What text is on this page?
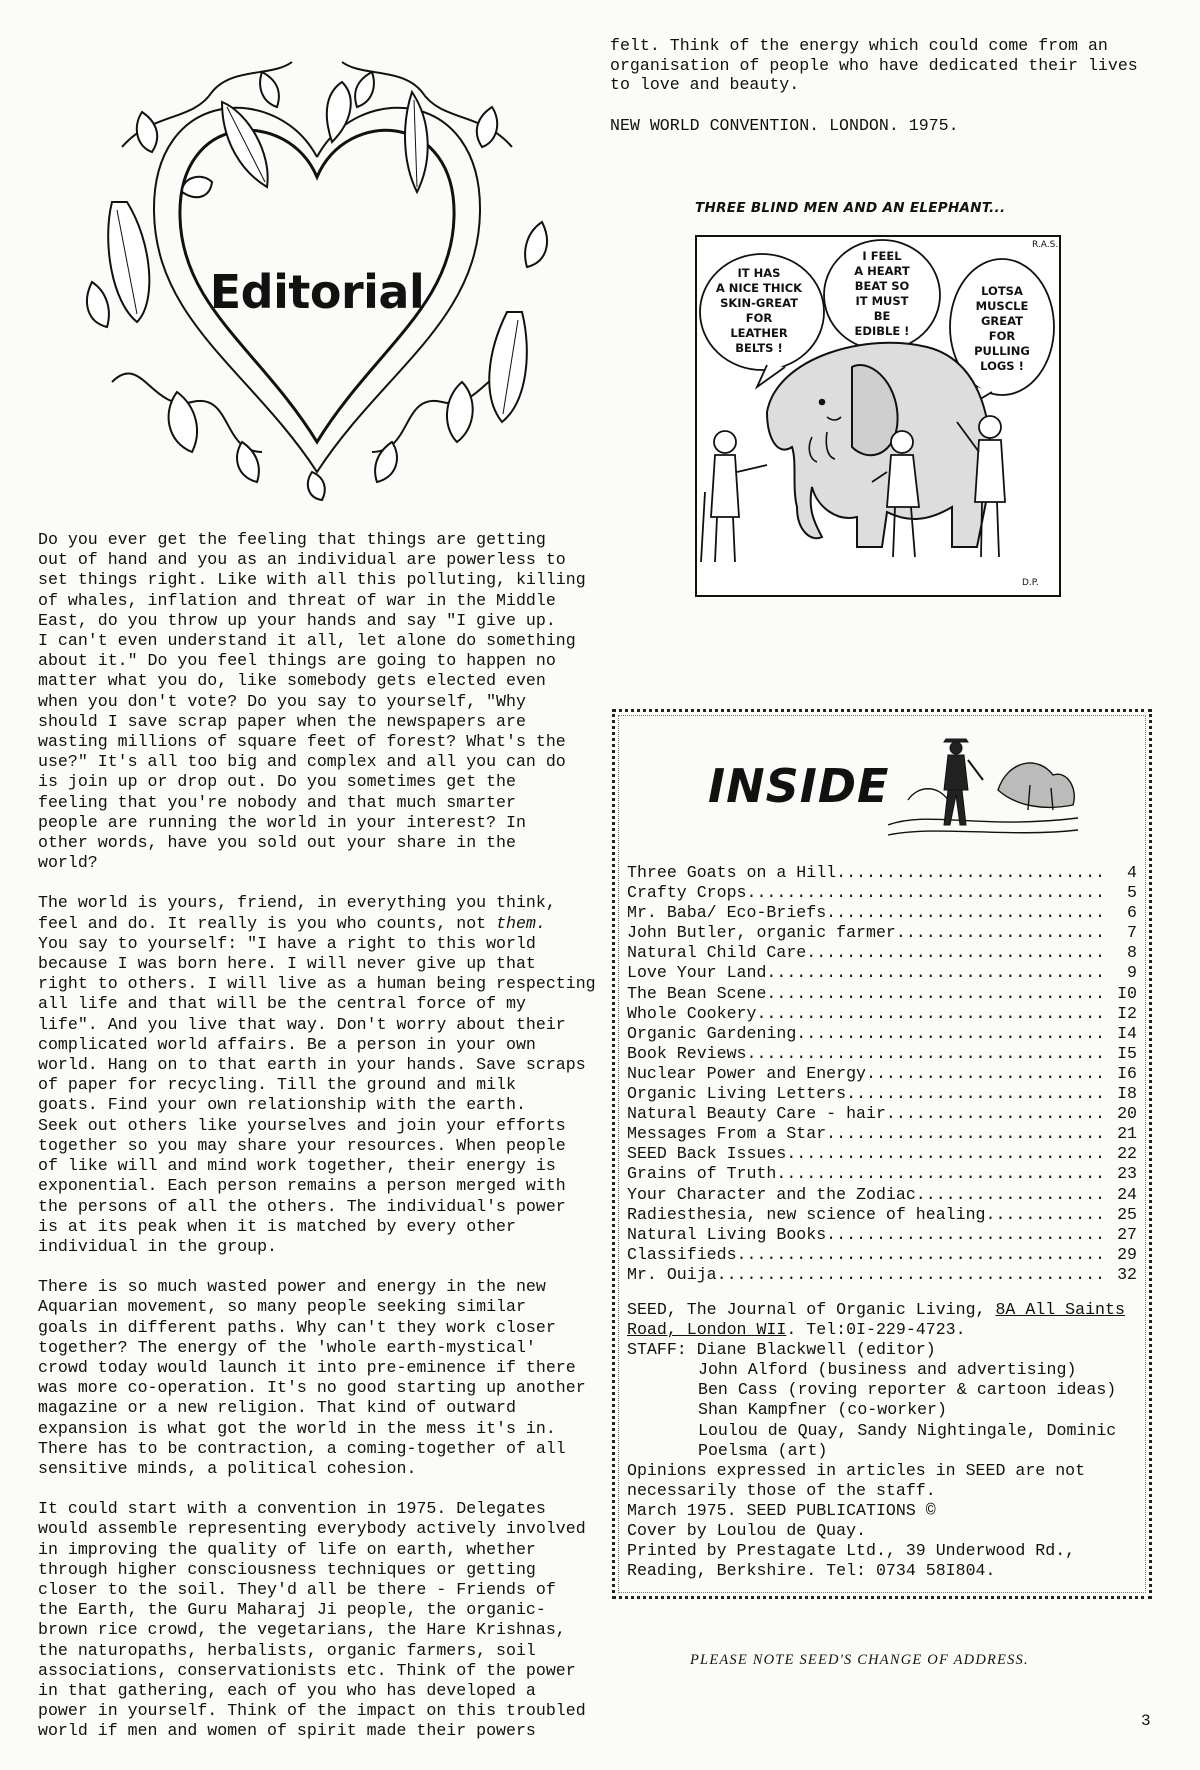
Editorial

Do you ever get the feeling that things are getting
out of hand and you as an individual are powerless to
set things right. Like with all this polluting, killing
of whales, inflation and threat of war in the Middle
East, do you throw up your hands and say "I give up.
I can't even understand it all, let alone do something
about it." Do you feel things are going to happen no
matter what you do, like somebody gets elected even
when you don't vote? Do you say to yourself, "Why
should I save scrap paper when the newspapers are
wasting millions of square feet of forest? What's the
use?" It's all too big and complex and all you can do
is join up or drop out. Do you sometimes get the
feeling that you're nobody and that much smarter
people are running the world in your interest? In
other words, have you sold out your share in the
world?

The world is yours, friend, in everything you think,
feel and do. It really is you who counts, not them.
You say to yourself: "I have a right to this world
because I was born here. I will never give up that
right to others. I will live as a human being respecting
all life and that will be the central force of my
life". And you live that way. Don't worry about their
complicated world affairs. Be a person in your own
world. Hang on to that earth in your hands. Save scraps
of paper for recycling. Till the ground and milk
goats. Find your own relationship with the earth.
Seek out others like yourselves and join your efforts
together so you may share your resources. When people
of like will and mind work together, their energy is
exponential. Each person remains a person merged with
the persons of all the others. The individual's power
is at its peak when it is matched by every other
individual in the group.

There is so much wasted power and energy in the new
Aquarian movement, so many people seeking similar
goals in different paths. Why can't they work closer
together? The energy of the 'whole earth-mystical'
crowd today would launch it into pre-eminence if there
was more co-operation. It's no good starting up another
magazine or a new religion. That kind of outward
expansion is what got the world in the mess it's in.
There has to be contraction, a coming-together of all
sensitive minds, a political cohesion.

It could start with a convention in 1975. Delegates
would assemble representing everybody actively involved
in improving the quality of life on earth, whether
through higher consciousness techniques or getting
closer to the soil. They'd all be there - Friends of
the Earth, the Guru Maharaj Ji people, the organic-
brown rice crowd, the vegetarians, the Hare Krishnas,
the naturopaths, herbalists, organic farmers, soil
associations, conservationists etc. Think of the power
in that gathering, each of you who has developed a
power in yourself. Think of the impact on this troubled
world if men and women of spirit made their powers

felt. Think of the energy which could come from an
organisation of people who have dedicated their lives
to love and beauty.

NEW WORLD CONVENTION. LONDON. 1975.

THREE BLIND MEN AND AN ELEPHANT...
IT HAS
A NICE THICK
SKIN-GREAT
FOR
LEATHER
BELTS !
I FEEL
A HEART
BEAT SO
IT MUST
BE
EDIBLE !
LOTSA
MUSCLE
GREAT
FOR
PULLING
LOGS !
R.A.S.
D.P.
INSIDE
Three Goats on a Hill .....	4
Crafty Crops .....	5
Mr. Baba/ Eco-Briefs .....	6
John Butler, organic farmer .....	7
Natural Child Care .....	8
Love Your Land .....	9
The Bean Scene .....	I0
Whole Cookery .....	I2
Organic Gardening .....	I4
Book Reviews .....	I5
Nuclear Power and Energy .....	I6
Organic Living Letters .....	I8
Natural Beauty Care - hair .....	20
Messages From a Star .....	21
SEED Back Issues .....	22
Grains of Truth .....	23
Your Character and the Zodiac .....	24
Radiesthesia, new science of healing .....	25
Natural Living Books .....	27
Classifieds .....	29
Mr. Ouija .....	32
SEED, The Journal of Organic Living, 8A All Saints
Road, London WII. Tel:0I-229-4723.
STAFF: Diane Blackwell (editor)
John Alford (business and advertising)
Ben Cass (roving reporter & cartoon ideas)
Shan Kampfner (co-worker)
Loulou de Quay, Sandy Nightingale, Dominic
Poelsma (art)
Opinions expressed in articles in SEED are not
necessarily those of the staff.
March 1975. SEED PUBLICATIONS ©
Cover by Loulou de Quay.
Printed by Prestagate Ltd., 39 Underwood Rd.,
Reading, Berkshire. Tel: 0734 58I804.
PLEASE NOTE SEED'S CHANGE OF ADDRESS.
3
